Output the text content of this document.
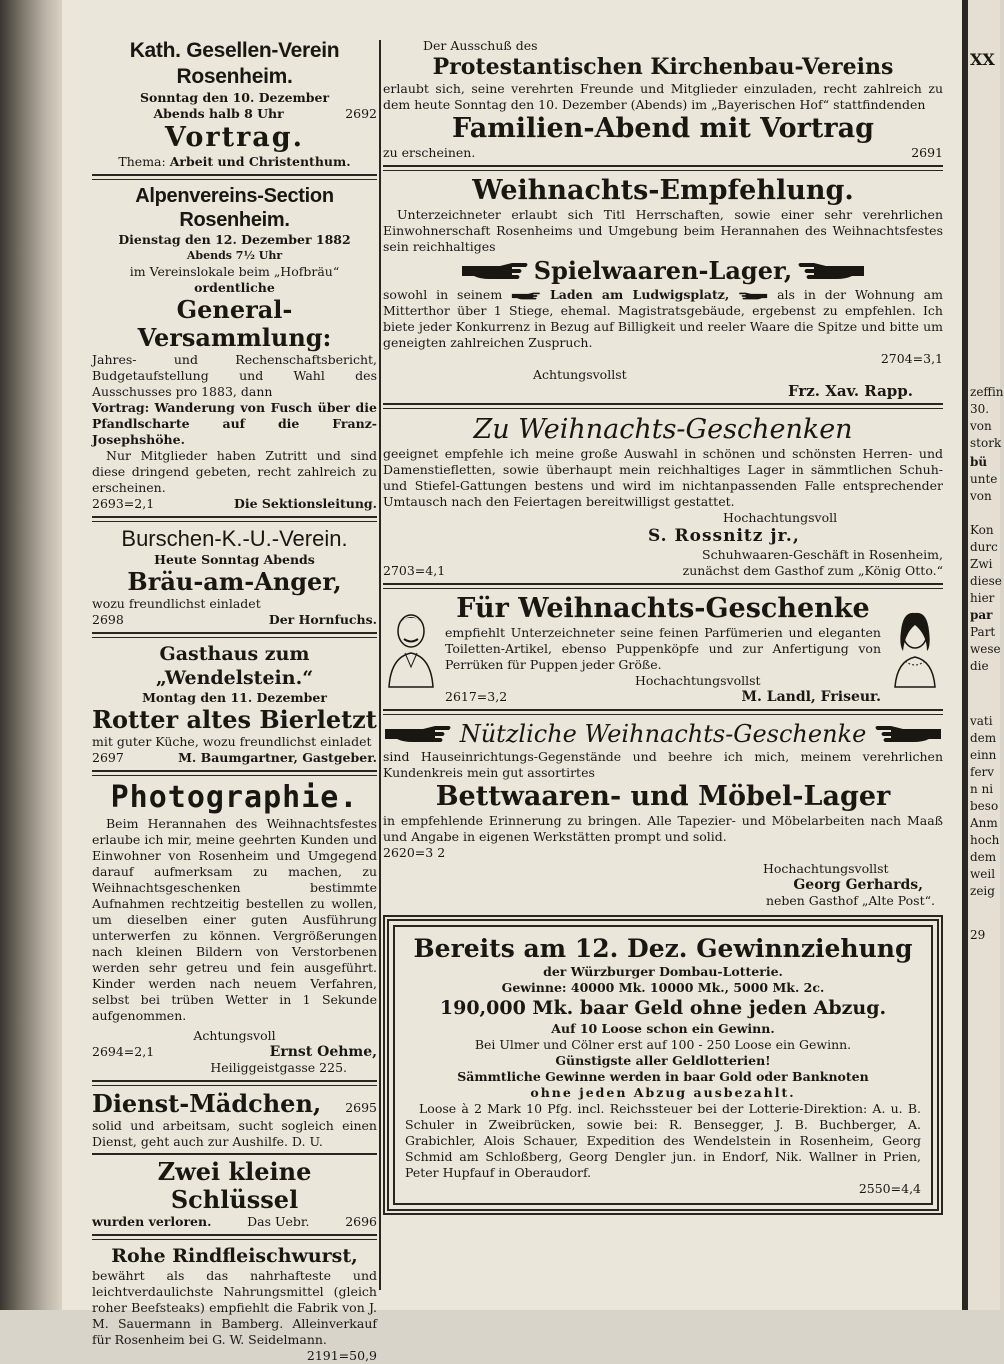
XX
zeffin
30.
von
stork
bü
unte
von
Kon
durc
Zwi
diese
hier
par
Part
wese
die
vati
dem
einn
ferv
n ni
beso
Anm
hoch
dem
weil
zeig
29
Kath. Gesellen-Verein Rosenheim.
Sonntag den 10. Dezember
Abends halb 8 Uhr	2692
Vortrag.
Thema: Arbeit und Christenthum.
Alpenvereins-Section Rosenheim.
Dienstag den 12. Dezember 1882
Abends 7½ Uhr
im Vereinslokale beim „Hofbräu“
ordentliche
General-Versammlung:
Jahres- und Rechenschaftsbericht, Budgetaufstellung und Wahl des Ausschusses pro 1883, dann
Vortrag: Wanderung von Fusch über die Pfandlscharte auf die Franz-Josephshöhe.
Nur Mitglieder haben Zutritt und sind diese dringend gebeten, recht zahlreich zu erscheinen.
2693=2,1	Die Sektionsleitung.
Burschen-K.-U.-Verein.
Heute Sonntag Abends
Bräu-am-Anger,
wozu freundlichst einladet
2698	Der Hornfuchs.
Gasthaus zum „Wendelstein.“
Montag den 11. Dezember
Rotter altes Bierletzt
mit guter Küche, wozu freundlichst einladet
2697	M. Baumgartner, Gastgeber.
Photographie.
Beim Herannahen des Weihnachtsfestes erlaube ich mir, meine geehrten Kunden und Einwohner von Rosenheim und Umgegend darauf aufmerksam zu machen, zu Weihnachtsgeschenken bestimmte Aufnahmen rechtzeitig bestellen zu wollen, um dieselben einer guten Ausführung unterwerfen zu können. Vergrößerungen nach kleinen Bildern von Verstorbenen werden sehr getreu und fein ausgeführt. Kinder werden nach neuem Verfahren, selbst bei trüben Wetter in 1 Sekunde aufgenommen.
Achtungsvoll
2694=2,1	Ernst Oehme,
Heiliggeistgasse 225.
Dienst-Mädchen, 2695
solid und arbeitsam, sucht sogleich einen Dienst, geht auch zur Aushilfe. D. U.
Zwei kleine Schlüssel
wurden verloren.	Das Uebr.	2696
Rohe Rindfleischwurst,
bewährt als das nahrhafteste und leichtverdaulichste Nahrungsmittel (gleich roher Beefsteaks) empfiehlt die Fabrik von J. M. Sauermann in Bamberg. Alleinverkauf für Rosenheim bei G. W. Seidelmann.
2191=50,9
Der Ausschuß des
Protestantischen Kirchenbau-Vereins
erlaubt sich, seine verehrten Freunde und Mitglieder einzuladen, recht zahlreich zu dem heute Sonntag den 10. Dezember (Abends) im „Bayerischen Hof“ stattfindenden
Familien-Abend mit Vortrag
zu erscheinen.	2691
Weihnachts-Empfehlung.
Unterzeichneter erlaubt sich Titl Herrschaften, sowie einer sehr verehrlichen Einwohnerschaft Rosenheims und Umgebung beim Herannahen des Weihnachtsfestes sein reichhaltiges
Spielwaaren-Lager,
sowohl in seinem	Laden am Ludwigsplatz,	als in der Wohnung am Mitterthor über 1 Stiege, ehemal. Magistratsgebäude, ergebenst zu empfehlen. Ich biete jeder Konkurrenz in Bezug auf Billigkeit und reeler Waare die Spitze und bitte um geneigten zahlreichen Zuspruch.
2704=3,1
Achtungsvollst
Frz. Xav. Rapp.
Zu Weihnachts-Geschenken
geeignet empfehle ich meine große Auswahl in schönen und schönsten Herren- und Damenstiefletten, sowie überhaupt mein reichhaltiges Lager in sämmtlichen Schuh- und Stiefel-Gattungen bestens und wird im nichtanpassenden Falle entsprechender Umtausch nach den Feiertagen bereitwilligst gestattet.
Hochachtungsvoll
S. Rossnitz jr.,
Schuhwaaren-Geschäft in Rosenheim,
2703=4,1	zunächst dem Gasthof zum „König Otto.“
Für Weihnachts-Geschenke
empfiehlt Unterzeichneter seine feinen Parfümerien und eleganten Toiletten-Artikel, ebenso Puppenköpfe und zur Anfertigung von Perrüken für Puppen jeder Größe.
Hochachtungsvollst
2617=3,2	M. Landl, Friseur.
Nützliche Weihnachts-Geschenke
sind Hauseinrichtungs-Gegenstände und beehre ich mich, meinem verehrlichen Kundenkreis mein gut assortirtes
Bettwaaren- und Möbel-Lager
in empfehlende Erinnerung zu bringen. Alle Tapezier- und Möbelarbeiten nach Maaß und Angabe in eigenen Werkstätten prompt und solid.
2620=3 2
Hochachtungsvollst
Georg Gerhards,
neben Gasthof „Alte Post“.
Bereits am 12. Dez. Gewinnziehung
der Würzburger Dombau-Lotterie.
Gewinne: 40000 Mk. 10000 Mk., 5000 Mk. 2c.
190,000 Mk. baar Geld ohne jeden Abzug.
Auf 10 Loose schon ein Gewinn.
Bei Ulmer und Cölner erst auf 100 - 250 Loose ein Gewinn.
Günstigste aller Geldlotterien!
Sämmtliche Gewinne werden in baar Gold oder Banknoten
ohne jeden Abzug ausbezahlt.
Loose à 2 Mark 10 Pfg. incl. Reichssteuer bei der Lotterie-Direktion: A. u. B. Schuler in Zweibrücken, sowie bei: R. Bensegger, J. B. Buchberger, A. Grabichler, Alois Schauer, Expedition des Wendelstein in Rosenheim, Georg Schmid am Schloßberg, Georg Dengler jun. in Endorf, Nik. Wallner in Prien, Peter Hupfauf in Oberaudorf.
2550=4,4
